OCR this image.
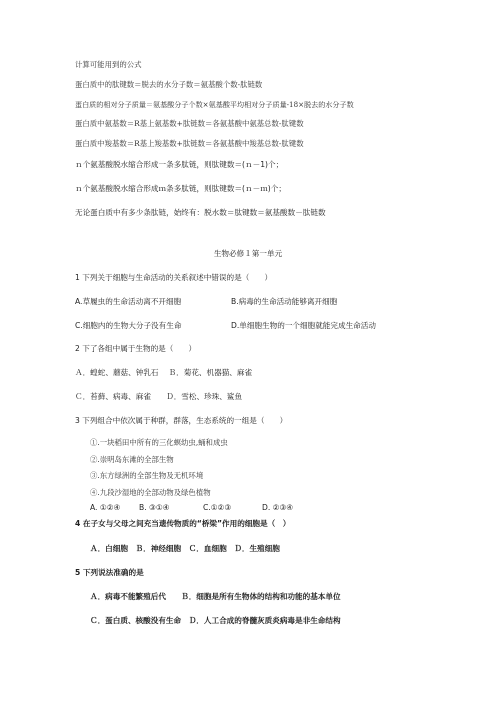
计算可能用到的公式
蛋白质中的肽键数＝脱去的水分子数＝氨基酸个数-肽链数
蛋白质的相对分子质量＝氨基酸分子个数×氨基酸平均相对分子质量-18×脱去的水分子数
蛋白质中氨基数＝R基上氨基数+肽链数＝各氨基酸中氨基总数-肽键数
蛋白质中羧基数＝R基上羧基数+肽链数＝各氨基酸中羧基总数-肽键数
ｎ个氨基酸脱水缩合形成一条多肽链，则肽键数＝(ｎ－1)个；
ｎ个氨基酸脱水缩合形成ｍ条多肽链，则肽键数＝(ｎ－ｍ)个；
无论蛋白质中有多少条肽链，始终有：脱水数＝肽键数＝氨基酸数－肽链数
生物必修１第一单元
1 下列关于细胞与生命活动的关系叙述中错误的是（　　）
A.草履虫的生命活动离不开细胞	B.病毒的生命活动能够离开细胞
C.细胞内的生物大分子没有生命	D.单细胞生物的一个细胞就能完成生命活动
2 下了各组中属于生物的是（　　）
Ａ．蝗蛇、蘑菇、钟乳石　 Ｂ．菊花、机器猫、麻雀
Ｃ．苔藓、病毒、麻雀　　Ｄ．雪松、珍珠、鲨鱼
3 下列组合中依次属于种群，群落，生态系统的一组是（　　）
①.一块稻田中所有的三化螟幼虫,蛹和成虫
②.崇明岛东滩的全部生物
③.东方绿洲的全部生物及无机环境
④.九段沙湿地的全部动物及绿色植物
A. ①②④ B. ③①④	C.①②③	D. ②③④
4 在子女与父母之间充当遗传物质的“桥梁”作用的细胞是（　）
Ａ．白细胞　Ｂ．神经细胞　Ｃ．血细胞　Ｄ．生殖细胞
5 下列说法准确的是
Ａ．病毒不能繁殖后代　　Ｂ．细胞是所有生物体的结构和功能的基本单位
Ｃ．蛋白质、核酸没有生命　Ｄ．人工合成的脊髓灰质炎病毒是非生命结构
